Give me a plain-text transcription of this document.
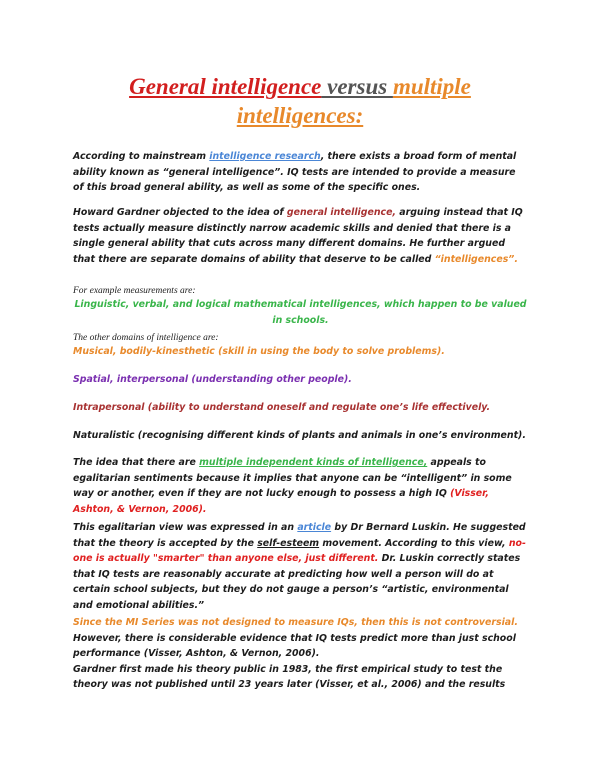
General intelligence versus multiple
intelligences:
According to mainstream intelligence research, there exists a broad form of mental ability known as “general intelligence”. IQ tests are intended to provide a measure of this broad general ability, as well as some of the specific ones.
Howard Gardner objected to the idea of general intelligence, arguing instead that IQ tests actually measure distinctly narrow academic skills and denied that there is a single general ability that cuts across many different domains. He further argued that there are separate domains of ability that deserve to be called “intelligences”.
For example measurements are:
Linguistic, verbal, and logical mathematical intelligences, which happen to be valued in schools.
The other domains of intelligence are:
Musical, bodily-kinesthetic (skill in using the body to solve problems).
Spatial, interpersonal (understanding other people).
Intrapersonal (ability to understand oneself and regulate one’s life effectively.
Naturalistic (recognising different kinds of plants and animals in one’s environment).
The idea that there are multiple independent kinds of intelligence, appeals to egalitarian sentiments because it implies that anyone can be “intelligent” in some way or another, even if they are not lucky enough to possess a high IQ (Visser, Ashton, & Vernon, 2006).
This egalitarian view was expressed in an article by Dr Bernard Luskin. He suggested that the theory is accepted by the self-esteem movement. According to this view, no-one is actually "smarter" than anyone else, just different. Dr. Luskin correctly states that IQ tests are reasonably accurate at predicting how well a person will do at certain school subjects, but they do not gauge a person’s “artistic, environmental and emotional abilities.”
Since the MI Series was not designed to measure IQs, then this is not controversial. However, there is considerable evidence that IQ tests predict more than just school performance (Visser, Ashton, & Vernon, 2006).
Gardner first made his theory public in 1983, the first empirical study to test the theory was not published until 23 years later (Visser, et al., 2006) and the results
